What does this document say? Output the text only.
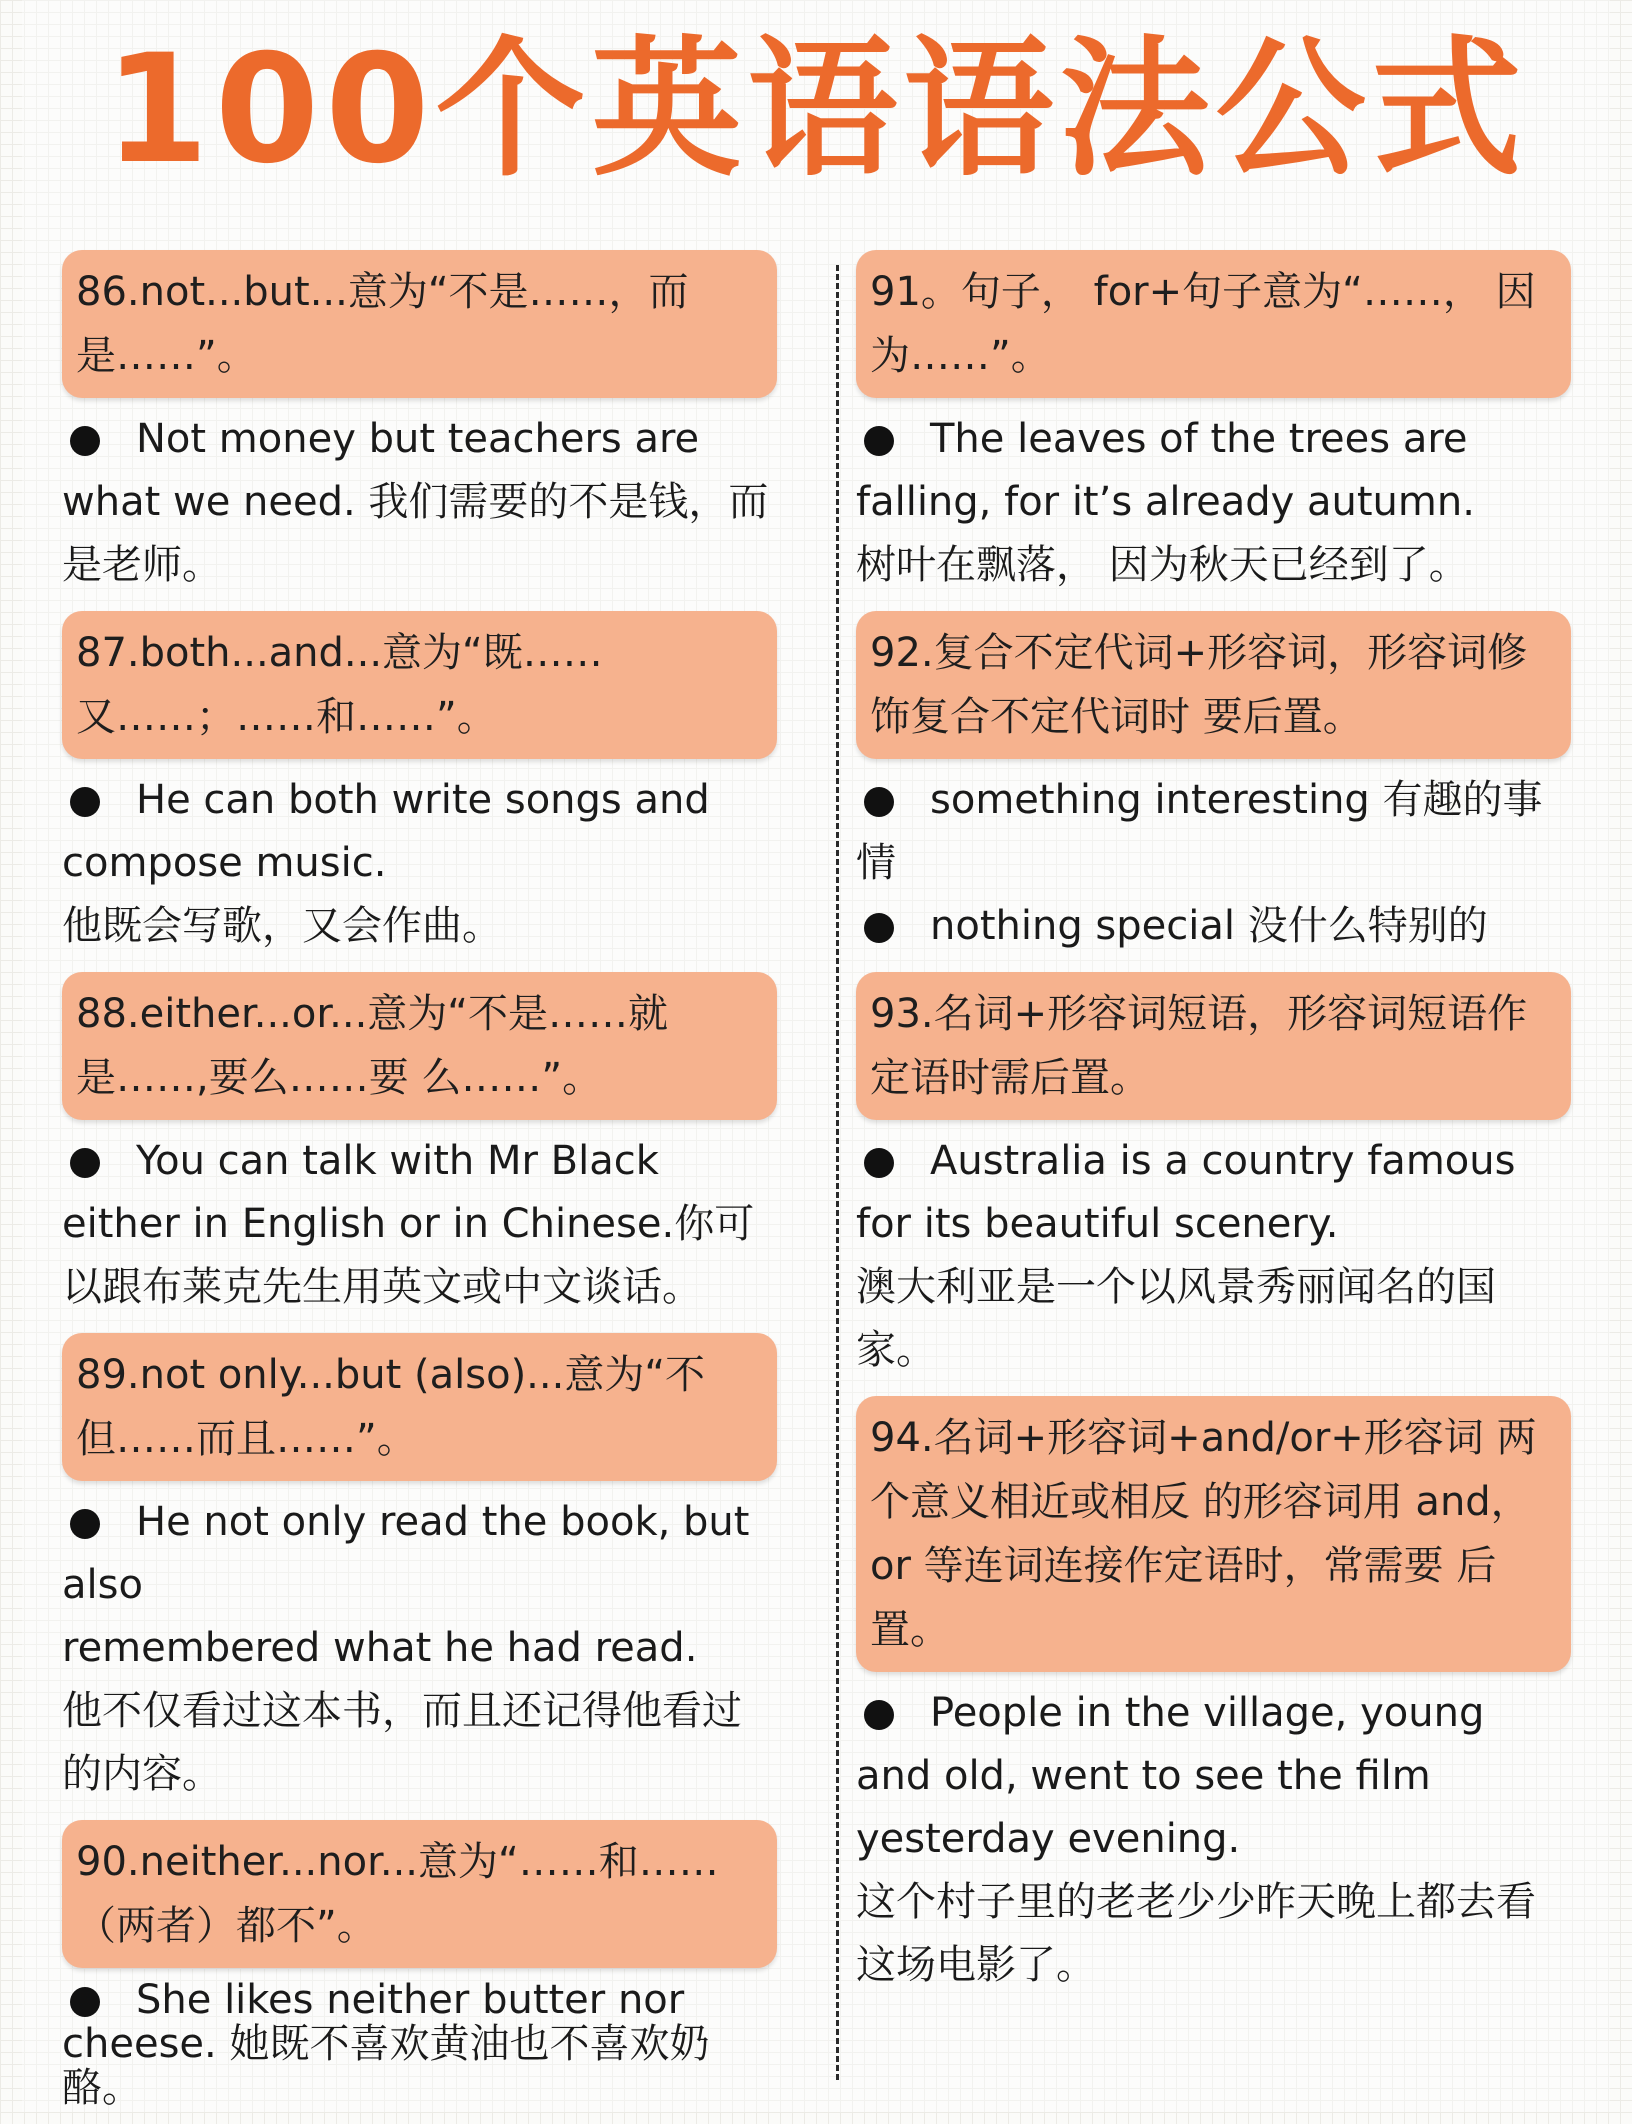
100个英语语法公式
86.not...but...意为“不是……，而是……”。

Not money but teachers are what we need. 我们需要的不是钱，而是老师。

87.both...and...意为“既……又……；……和……”。

He can both write songs and compose music.
他既会写歌，又会作曲。

88.either...or...意为“不是……就是……,要么……要 么……”。

You can talk with Mr Black either in English or in Chinese.你可以跟布莱克先生用英文或中文谈话。

89.not only...but (also)...意为“不但……而且……”。

He not only read the book, but also
remembered what he had read.
他不仅看过这本书，而且还记得他看过的内容。

90.neither...nor...意为“……和……（两者）都不”。

She likes neither butter nor cheese. 她既不喜欢黄油也不喜欢奶酪。

91。句子， for+句子意为“……， 因为……”。

The leaves of the trees are falling, for it’s already autumn.
树叶在飘落， 因为秋天已经到了。

92.复合不定代词+形容词，形容词修饰复合不定代词时 要后置。

something interesting 有趣的事情

nothing special 没什么特别的

93.名词+形容词短语，形容词短语作定语时需后置。

Australia is a country famous for its beautiful scenery.
澳大利亚是一个以风景秀丽闻名的国家。

94.名词+形容词+and/or+形容词 两个意义相近或相反 的形容词用 and， or 等连词连接作定语时，常需要 后置。

People in the village, young and old, went to see the film yesterday evening.
这个村子里的老老少少昨天晚上都去看这场电影了。
